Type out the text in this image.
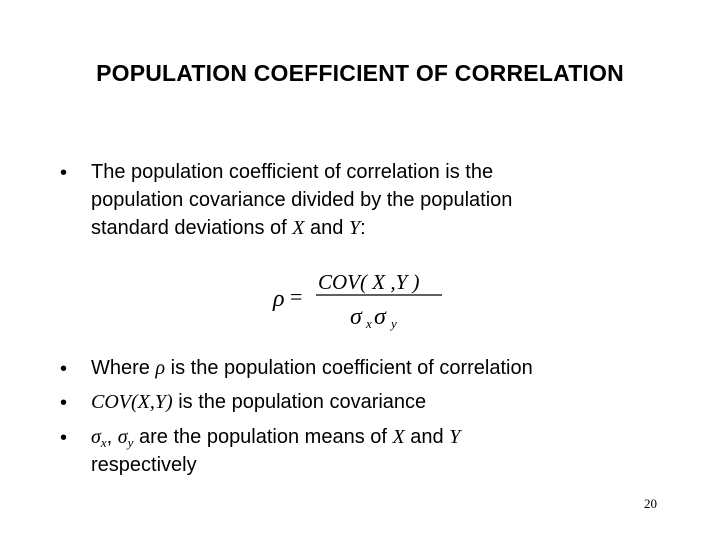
POPULATION COEFFICIENT OF CORRELATION
• The population coefficient of correlation is the
population covariance divided by the population
standard deviations of X and Y:
ρ =
COV( X ,Y )
σ x σ y
• Where ρ is the population coefficient of correlation
• COV(X,Y) is the population covariance
• $\sigma_x$, $\sigma_y$ are the population means of X and Y
respectively
20
